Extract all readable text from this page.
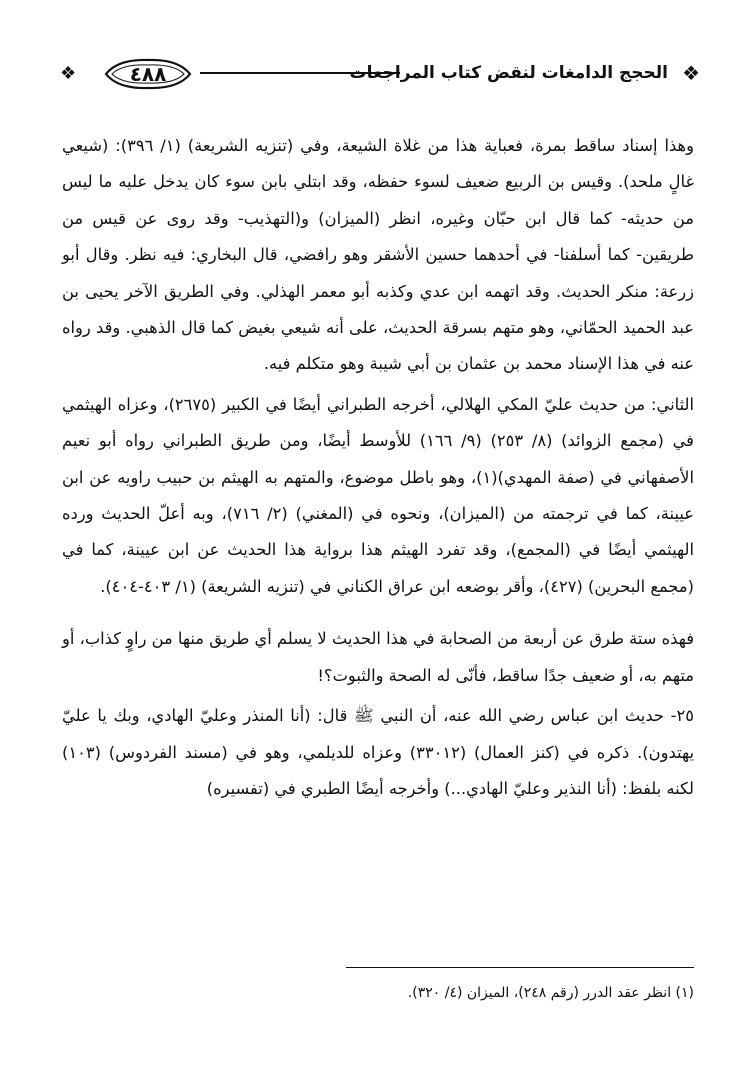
❖	٤٨٨	الحجج الدامغات لنقض كتاب المراجعات ❖

وهذا إسناد ساقط بمرة، فعباية هذا من غلاة الشيعة، وفي (تنزيه الشريعة) (١/ ٣٩٦): (شيعي غالٍ ملحد). وقيس بن الربيع ضعيف لسوء حفظه، وقد ابتلي بابن سوء كان يدخل عليه ما ليس من حديثه- كما قال ابن حبّان وغيره، انظر (الميزان) و(التهذيب- وقد روى عن قيس من طريقين- كما أسلفنا- في أحدهما حسين الأشقر وهو رافضي، قال البخاري: فيه نظر. وقال أبو زرعة: منكر الحديث. وقد اتهمه ابن عدي وكذبه أبو معمر الهذلي. وفي الطريق الآخر يحيى بن عبد الحميد الحمّاني، وهو متهم بسرقة الحديث، على أنه شيعي بغيض كما قال الذهبي. وقد رواه عنه في هذا الإسناد محمد بن عثمان بن أبي شيبة وهو متكلم فيه.

الثاني: من حديث عليّ المكي الهلالي، أخرجه الطبراني أيضًا في الكبير (٢٦٧٥)، وعزاه الهيثمي في (مجمع الزوائد) (٨/ ٢٥٣) (٩/ ١٦٦) للأوسط أيضًا، ومن طريق الطبراني رواه أبو نعيم الأصفهاني في (صفة المهدي)(١)، وهو باطل موضوع، والمتهم به الهيثم بن حبيب راويه عن ابن عيينة، كما في ترجمته من (الميزان)، ونحوه في (المغني) (٢/ ٧١٦)، وبه أعلّ الحديث ورده الهيثمي أيضًا في (المجمع)، وقد تفرد الهيثم هذا برواية هذا الحديث عن ابن عيينة، كما في (مجمع البحرين) (٤٢٧)، وأقر بوضعه ابن عراق الكناني في (تنزيه الشريعة) (١/ ٤٠٣-٤٠٤).

فهذه ستة طرق عن أربعة من الصحابة في هذا الحديث لا يسلم أي طريق منها من راوٍ كذاب، أو متهم به، أو ضعيف جدًا ساقط، فأنّى له الصحة والثبوت؟!

٢٥- حديث ابن عباس رضي الله عنه، أن النبي ﷺ قال: (أنا المنذر وعليّ الهادي، وبك يا عليّ يهتدون). ذكره في (كنز العمال) (٣٣٠١٢) وعزاه للديلمي، وهو في (مسند الفردوس) (١٠٣) لكنه بلفظ: (أنا النذير وعليّ الهادي...) وأخرجه أيضًا الطبري في (تفسيره)

(١) انظر عقد الدرر (رقم ٢٤٨)، الميزان (٤/ ٣٢٠).
